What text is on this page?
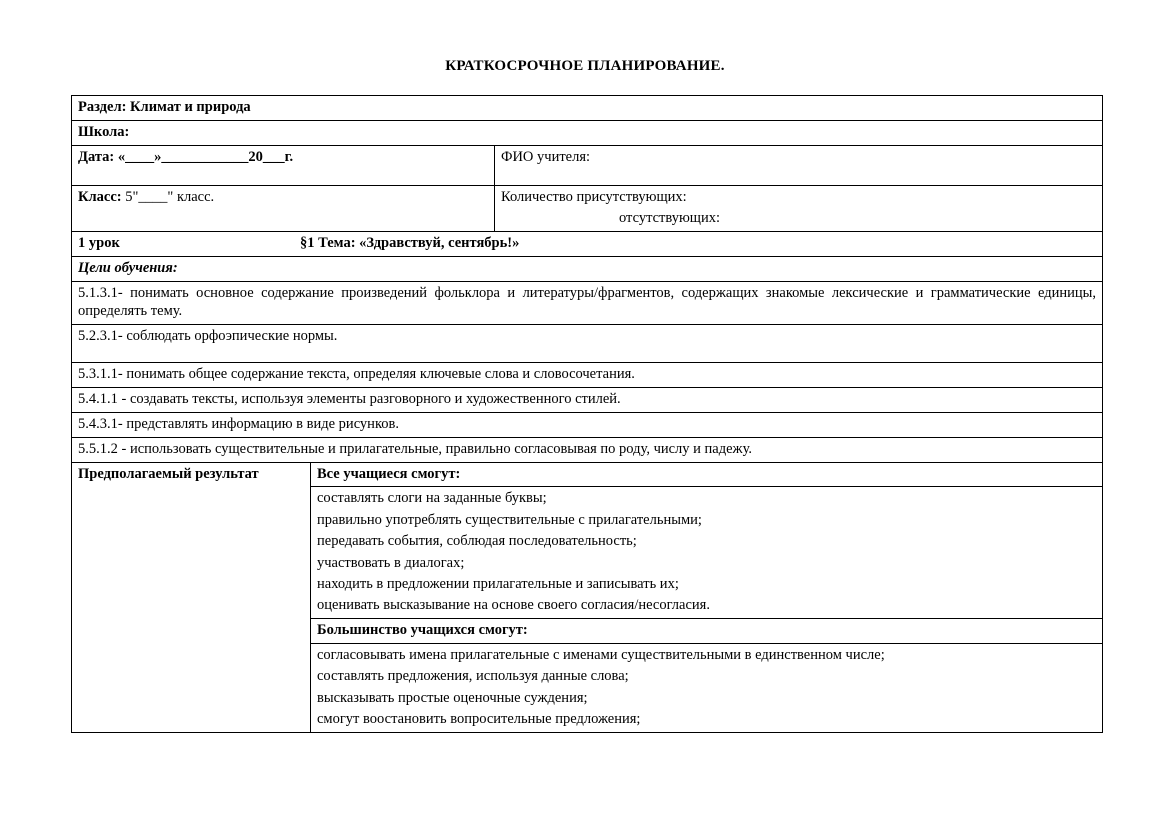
КРАТКОСРОЧНОЕ ПЛАНИРОВАНИЕ.
Раздел: Климат и природа		
Школа:		
Дата: «____»____________20___г.		ФИО учителя:
Класс: 5"____" класс.		Количество присутствующих:
отсутствующих:

1 урок §1 Тема: «Здравствуй, сентябрь!»		
Цели обучения:		
5.1.3.1- понимать основное содержание произведений фольклора и литературы/фрагментов, содержащих знакомые лексические и грамматические единицы, определять тему.		
5.2.3.1- соблюдать орфоэпические нормы.		
5.3.1.1- понимать общее содержание текста, определяя ключевые слова и словосочетания.		
5.4.1.1 - создавать тексты, используя элементы разговорного и художественного стилей.		
5.4.3.1- представлять информацию в виде рисунков.		
5.5.1.2 - использовать существительные и прилагательные, правильно согласовывая по роду, числу и падежу.		
Предполагаемый результат	Все учащиеся смогут:	

составлять слоги на заданные буквы;
правильно употреблять существительные с прилагательными;
передавать события, соблюдая последовательность;
участвовать в диалогах;
находить в предложении прилагательные и записывать их;
оценивать высказывание на основе своего согласия/несогласия.

	Большинство учащихся смогут:	

	согласовывать имена прилагательные с именами существительными в единственном числе;
составлять предложения, используя данные слова;
высказывать простые оценочные суждения;
смогут воостановить вопросительные предложения;	
